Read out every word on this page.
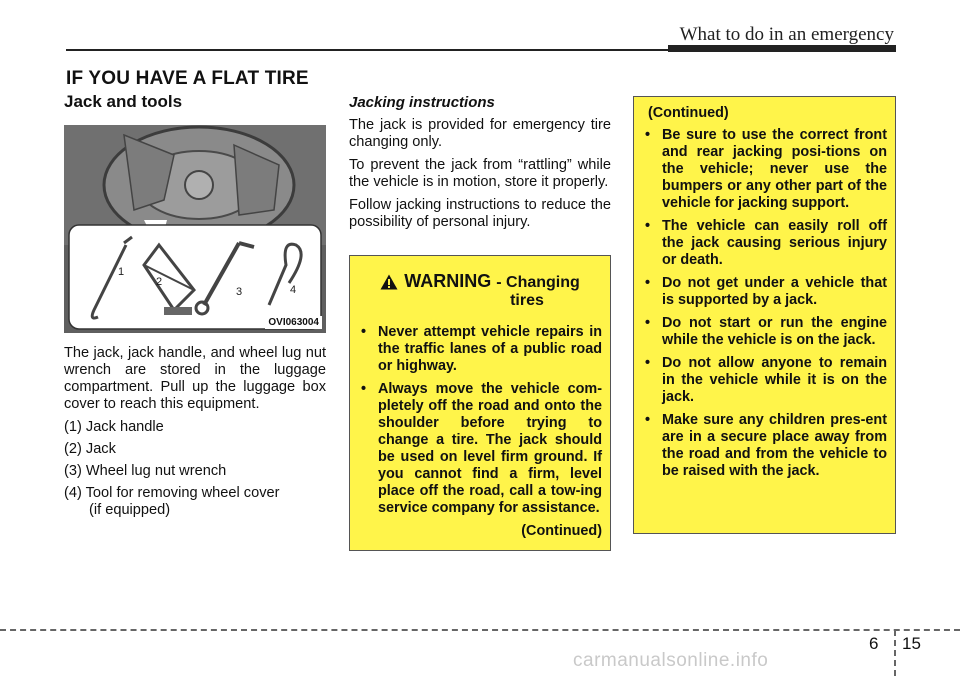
What to do in an emergency
IF YOU HAVE A FLAT TIRE
Jack and tools
1
2
3	4
OVI063004

The jack, jack handle, and wheel lug nut wrench are stored in the luggage compartment. Pull up the luggage box cover to reach this equipment.

(1) Jack handle
(2) Jack
(3) Wheel lug nut wrench
(4) Tool for removing wheel cover
(if equipped)
Jacking instructions

The jack is provided for emergency tire changing only.

To prevent the jack from “rattling” while the vehicle is in motion, store it properly.

Follow jacking instructions to reduce the possibility of personal injury.

WARNING - Changing
tires
• Never attempt vehicle repairs in the traffic lanes of a public road or highway.
• Always move the vehicle com-pletely off the road and onto the shoulder before trying to change a tire. The jack should be used on level firm ground. If you cannot find a firm, level place off the road, call a tow-ing service company for assistance.
(Continued)
(Continued)
• Be sure to use the correct front and rear jacking posi-tions on the vehicle; never use the bumpers or any other part of the vehicle for jacking support.
• The vehicle can easily roll off the jack causing serious injury or death.
• Do not get under a vehicle that is supported by a jack.
• Do not start or run the engine while the vehicle is on the jack.
• Do not allow anyone to remain in the vehicle while it is on the jack.
• Make sure any children pres-ent are in a secure place away from the road and from the vehicle to be raised with the jack.
6 15
carmanualsonline.info
